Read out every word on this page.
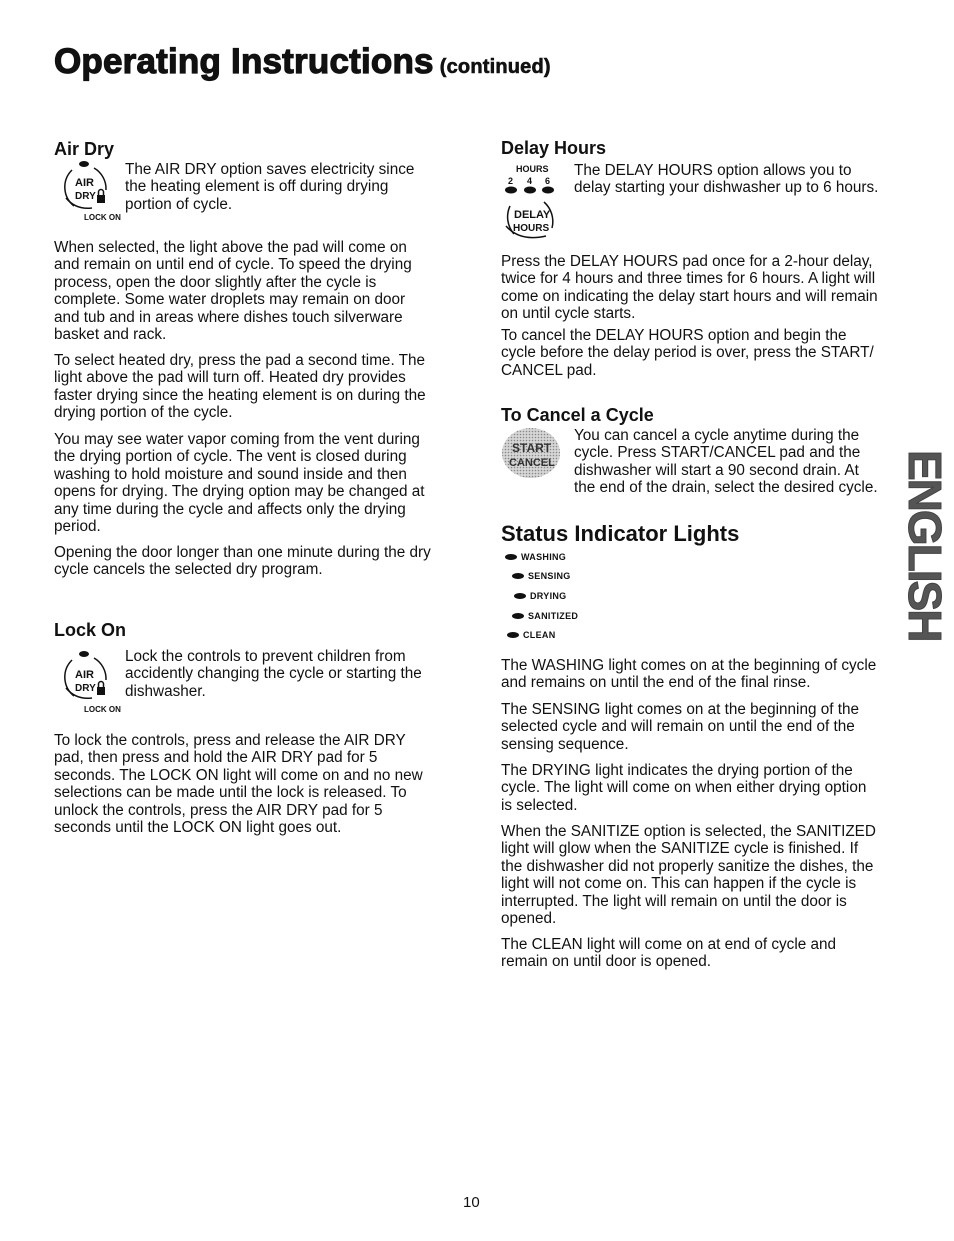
Operating Instructions (continued)
Air Dry
AIR
DRY
LOCK ON

The AIR DRY option saves electricity since

the heating element is off during drying

portion of cycle.

When selected, the light above the pad will come on

and remain on until end of cycle. To speed the drying

process, open the door slightly after the cycle is

complete. Some water droplets may remain on door

and tub and in areas where dishes touch silverware

basket and rack.

To select heated dry, press the pad a second time. The

light above the pad will turn off. Heated dry provides

faster drying since the heating element is on during the

drying portion of the cycle.

You may see water vapor coming from the vent during

the drying portion of cycle. The vent is closed during

washing to hold moisture and sound inside and then

opens for drying. The drying option may be changed at

any time during the cycle and affects only the drying

period.

Opening the door longer than one minute during the dry

cycle cancels the selected dry program.

Lock On
AIR
DRY
LOCK ON

Lock the controls to prevent children from

accidently changing the cycle or starting the

dishwasher.

To lock the controls, press and release the AIR DRY

pad, then press and hold the AIR DRY pad for 5

seconds. The LOCK ON light will come on and no new

selections can be made until the lock is released. To

unlock the controls, press the AIR DRY pad for 5

seconds until the LOCK ON light goes out.

Delay Hours
HOURS
2 4 6
DELAY
HOURS

The DELAY HOURS option allows you to

delay starting your dishwasher up to 6 hours.

Press the DELAY HOURS pad once for a 2-hour delay,

twice for 4 hours and three times for 6 hours. A light will

come on indicating the delay start hours and will remain

on until cycle starts.

To cancel the DELAY HOURS option and begin the

cycle before the delay period is over, press the START/

CANCEL pad.

To Cancel a Cycle
START
CANCEL

You can cancel a cycle anytime during the

cycle. Press START/CANCEL pad and the

dishwasher will start a 90 second drain. At

the end of the drain, select the desired cycle.

Status Indicator Lights
WASHING
SENSING
DRYING
SANITIZED
CLEAN

The WASHING light comes on at the beginning of cycle

and remains on until the end of the final rinse.

The SENSING light comes on at the beginning of the

selected cycle and will remain on until the end of the

sensing sequence.

The DRYING light indicates the drying portion of the

cycle. The light will come on when either drying option

is selected.

When the SANITIZE option is selected, the SANITIZED

light will glow when the SANITIZE cycle is finished. If

the dishwasher did not properly sanitize the dishes, the

light will not come on. This can happen if the cycle is

interrupted. The light will remain on until the door is

opened.

The CLEAN light will come on at end of cycle and

remain on until door is opened.

ENGLISH
10
